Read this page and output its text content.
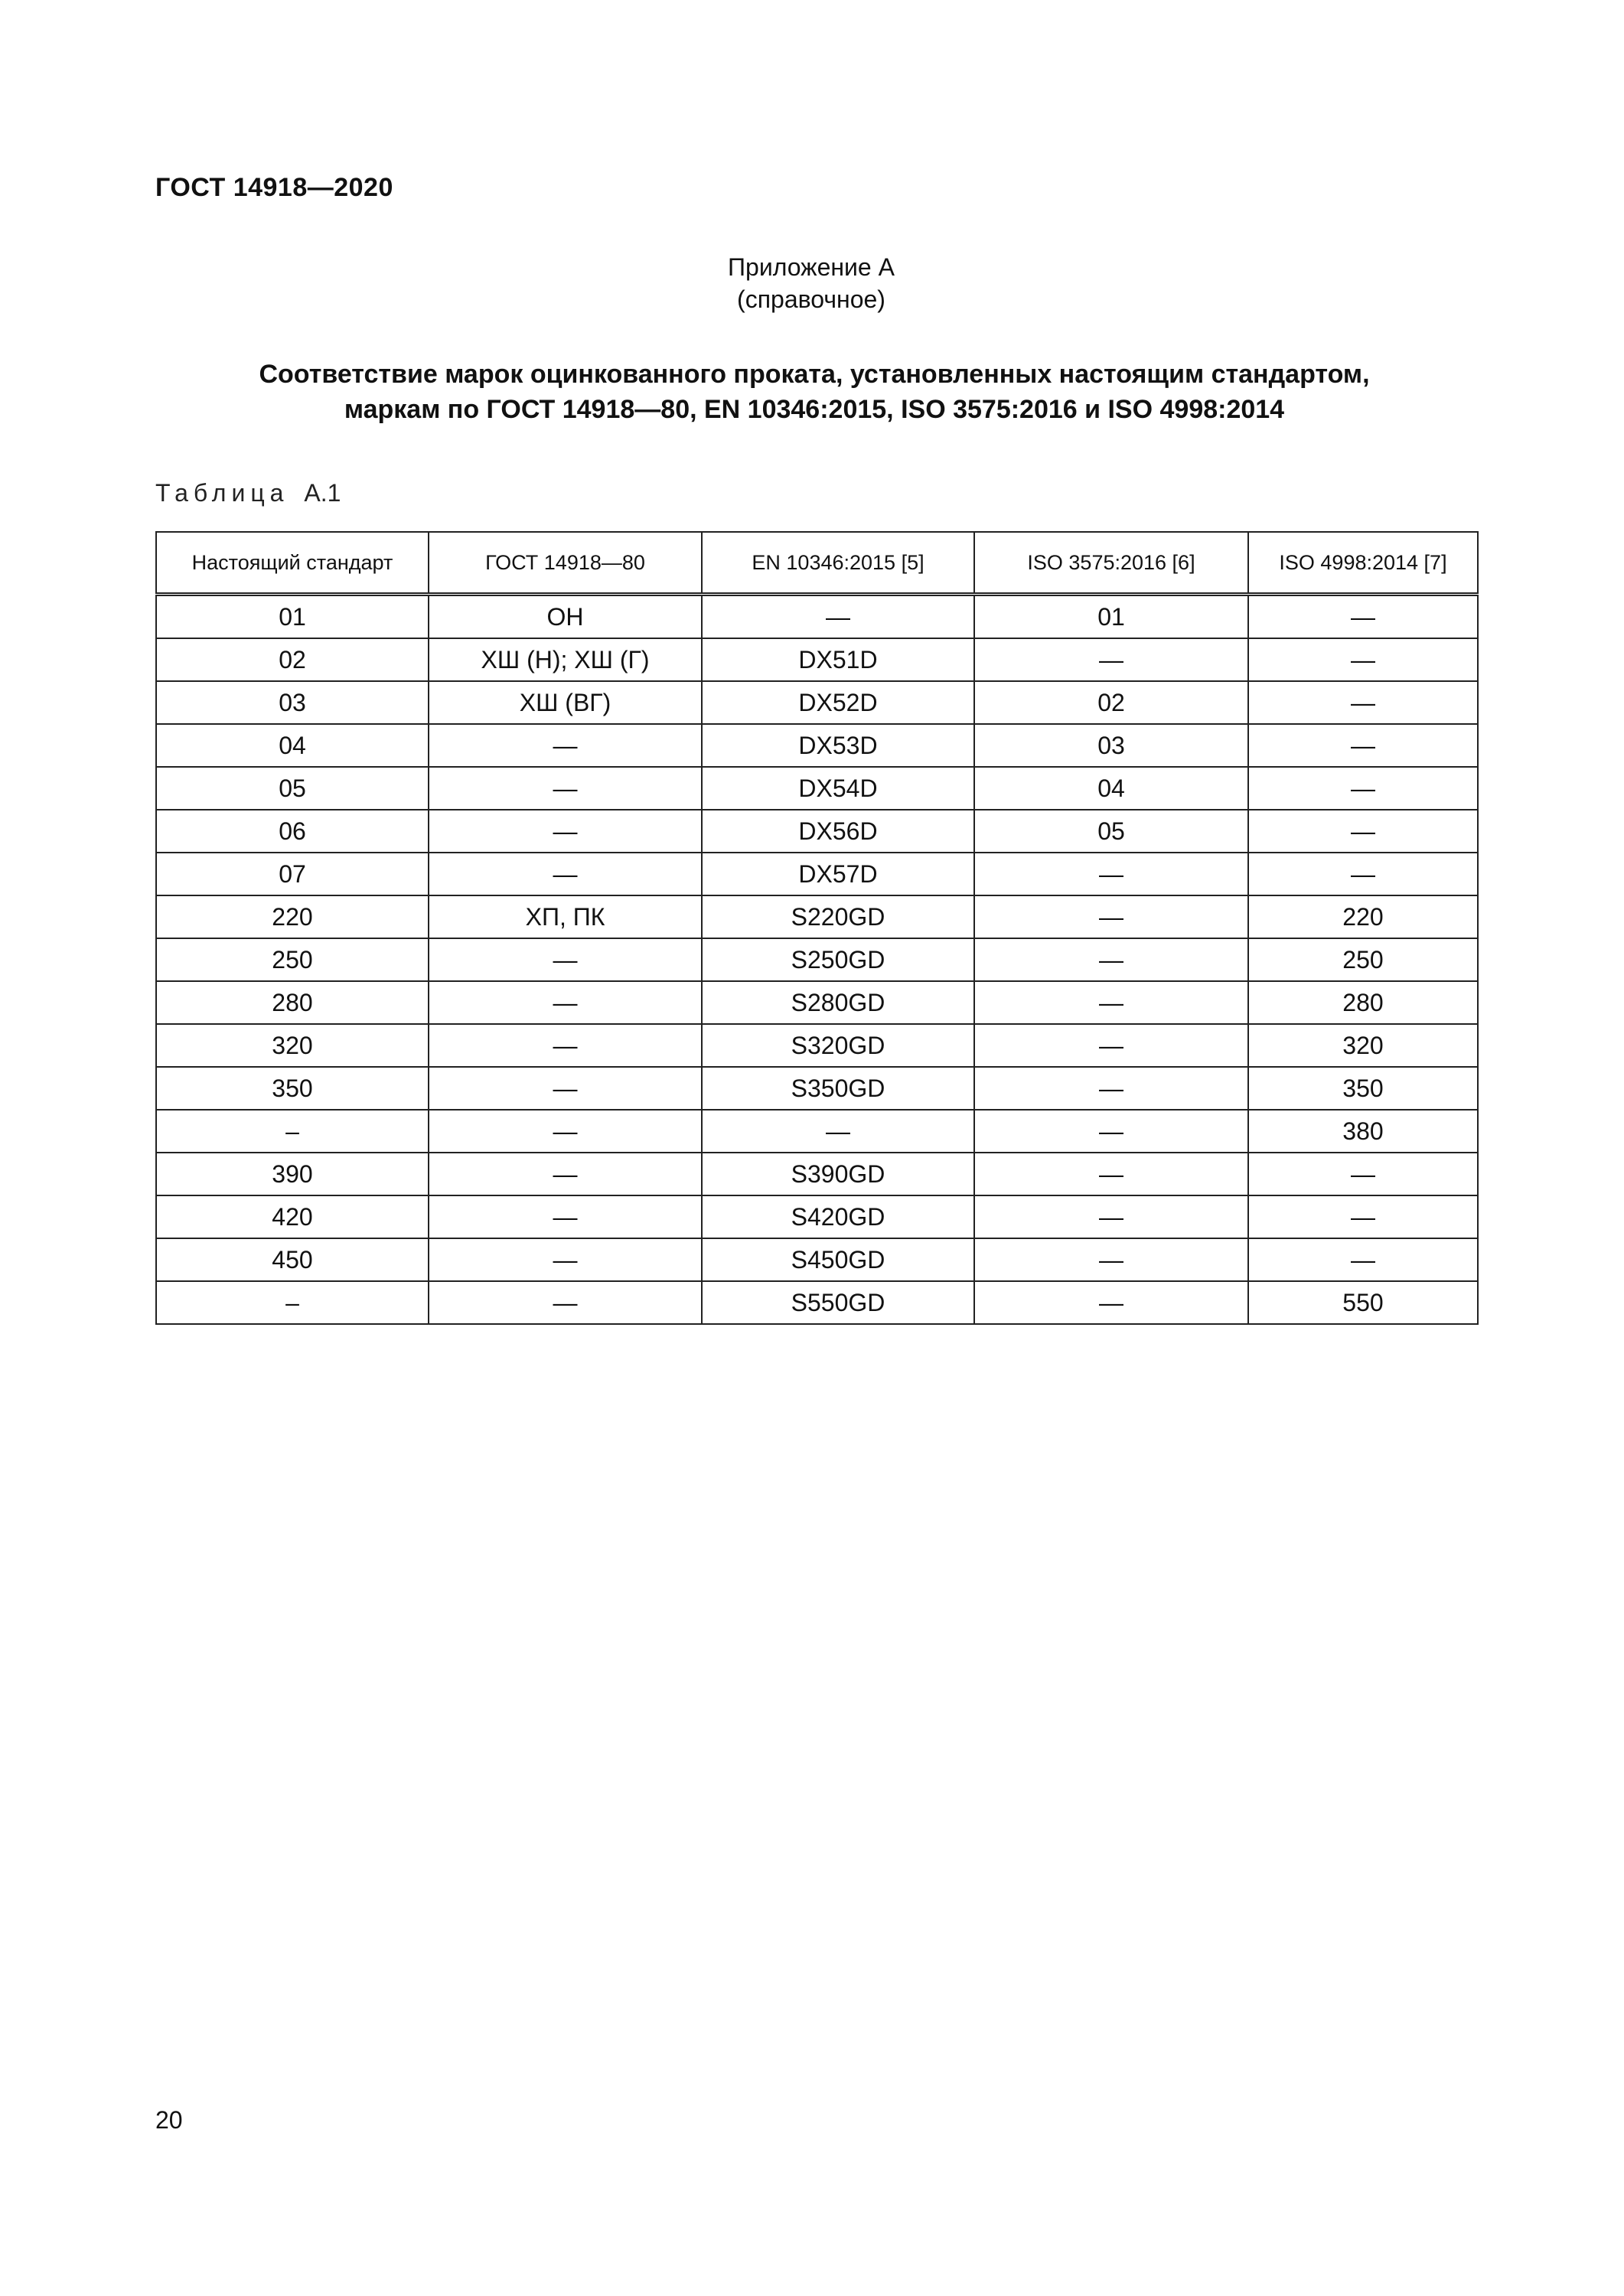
ГОСТ 14918—2020
Приложение А
(справочное)
Соответствие марок оцинкованного проката, установленных настоящим стандартом,
маркам по ГОСТ 14918—80, EN 10346:2015, ISO 3575:2016 и ISO 4998:2014
Таблица А.1
Настоящий стандарт	ГОСТ 14918—80	EN 10346:2015 [5]	ISO 3575:2016 [6]	ISO 4998:2014 [7]
01	ОН	—	01	—
02	ХШ (Н); ХШ (Г)	DX51D	—	—
03	ХШ (ВГ)	DX52D	02	—
04	—	DX53D	03	—
05	—	DX54D	04	—
06	—	DX56D	05	—
07	—	DX57D	—	—
220	ХП, ПК	S220GD	—	220
250	—	S250GD	—	250
280	—	S280GD	—	280
320	—	S320GD	—	320
350	—	S350GD	—	350
–	—	—	—	380
390	—	S390GD	—	—
420	—	S420GD	—	—
450	—	S450GD	—	—
–	—	S550GD	—	550
20
